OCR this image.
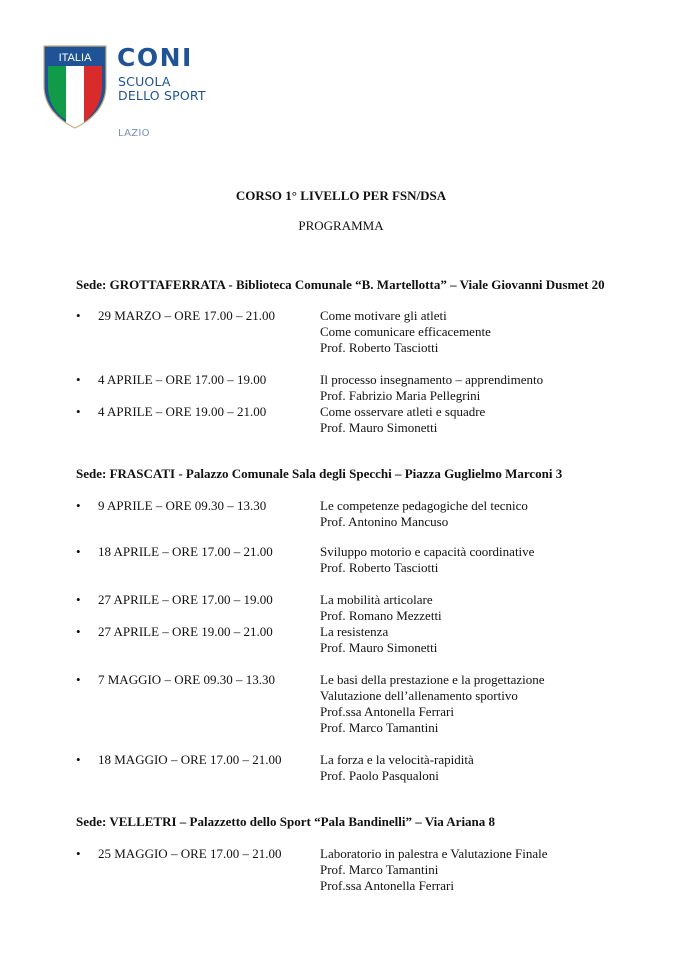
ITALIA CONI
SCUOLA
DELLO SPORT
LAZIO
CORSO 1° LIVELLO PER FSN/DSA
PROGRAMMA
Sede: GROTTAFERRATA - Biblioteca Comunale “B. Martellotta” – Viale Giovanni Dusmet 20
•	29 MARZO – ORE 17.00 – 21.00	Come motivare gli atleti
Come comunicare efficacemente
Prof. Roberto Tasciotti
•	4 APRILE – ORE 17.00 – 19.00	Il processo insegnamento – apprendimento
Prof. Fabrizio Maria Pellegrini
•	4 APRILE – ORE 19.00 – 21.00	Come osservare atleti e squadre
Prof. Mauro Simonetti
Sede: FRASCATI - Palazzo Comunale Sala degli Specchi – Piazza Guglielmo Marconi 3
•	9 APRILE – ORE 09.30 – 13.30	Le competenze pedagogiche del tecnico
Prof. Antonino Mancuso
•	18 APRILE – ORE 17.00 – 21.00	Sviluppo motorio e capacità coordinative
Prof. Roberto Tasciotti
•	27 APRILE – ORE 17.00 – 19.00	La mobilità articolare
Prof. Romano Mezzetti
•	27 APRILE – ORE 19.00 – 21.00	La resistenza
Prof. Mauro Simonetti
•	7 MAGGIO – ORE 09.30 – 13.30	Le basi della prestazione e la progettazione
Valutazione dell’allenamento sportivo
Prof.ssa Antonella Ferrari
Prof. Marco Tamantini
•	18 MAGGIO – ORE 17.00 – 21.00	La forza e la velocità-rapidità
Prof. Paolo Pasqualoni
Sede: VELLETRI – Palazzetto dello Sport “Pala Bandinelli” – Via Ariana 8
•	25 MAGGIO – ORE 17.00 – 21.00	Laboratorio in palestra e Valutazione Finale
Prof. Marco Tamantini
Prof.ssa Antonella Ferrari
